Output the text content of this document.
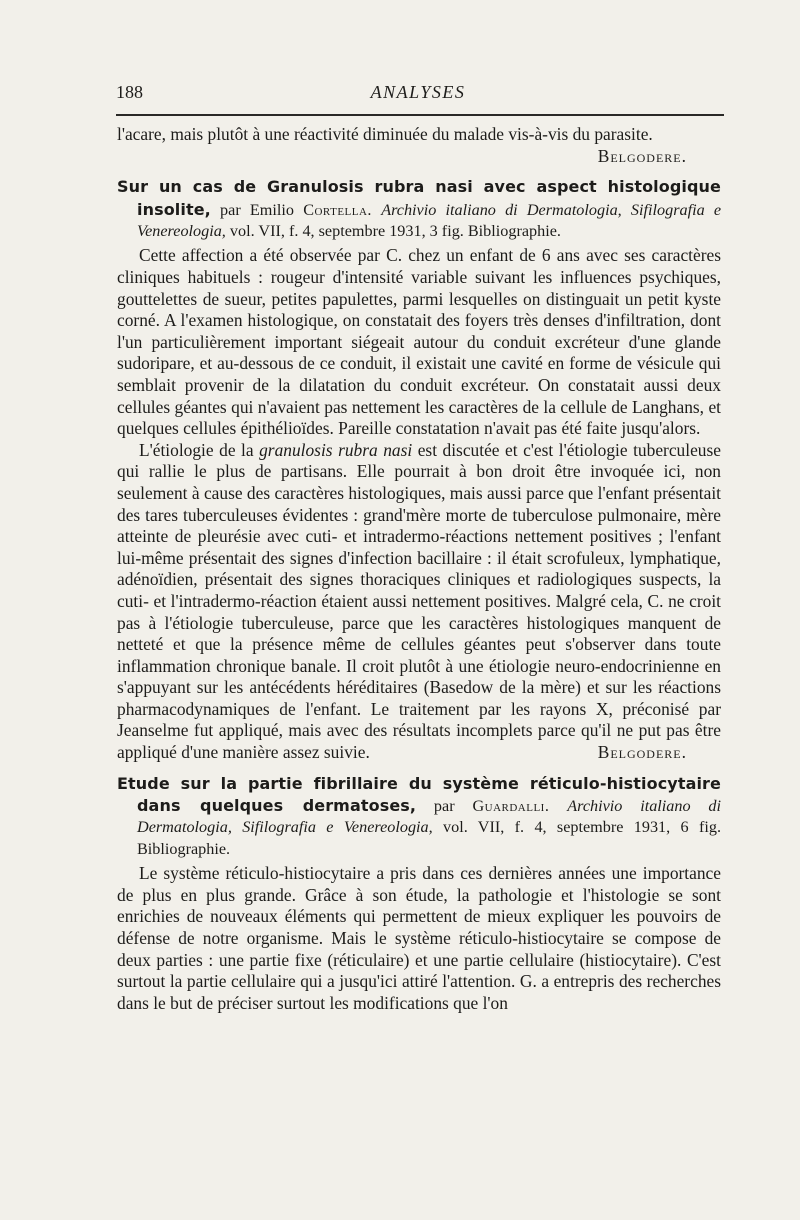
188	ANALYSES

l'acare, mais plutôt à une réactivité diminuée du malade vis-à-vis du parasite.
Belgodere.

Sur un cas de Granulosis rubra nasi avec aspect histologique insolite, par Emilio Cortella. Archivio italiano di Dermatologia, Sifilografia e Venereologia, vol. VII, f. 4, septembre 1931, 3 fig. Bibliographie.

Cette affection a été observée par C. chez un enfant de 6 ans avec ses caractères cliniques habituels : rougeur d'intensité variable suivant les influences psychiques, gouttelettes de sueur, petites papulettes, parmi lesquelles on distinguait un petit kyste corné. A l'examen histologique, on constatait des foyers très denses d'infiltration, dont l'un particulièrement important siégeait autour du conduit excréteur d'une glande sudoripare, et au-dessous de ce conduit, il existait une cavité en forme de vésicule qui semblait provenir de la dilatation du conduit excréteur. On constatait aussi deux cellules géantes qui n'avaient pas nettement les caractères de la cellule de Langhans, et quelques cellules épithélioïdes. Pareille constatation n'avait pas été faite jusqu'alors.

L'étiologie de la granulosis rubra nasi est discutée et c'est l'étiologie tuberculeuse qui rallie le plus de partisans. Elle pourrait à bon droit être invoquée ici, non seulement à cause des caractères histologiques, mais aussi parce que l'enfant présentait des tares tuberculeuses évidentes : grand'mère morte de tuberculose pulmonaire, mère atteinte de pleurésie avec cuti- et intradermo-réactions nettement positives ; l'enfant lui-même présentait des signes d'infection bacillaire : il était scrofuleux, lymphatique, adénoïdien, présentait des signes thoraciques cliniques et radiologiques suspects, la cuti- et l'intradermo-réaction étaient aussi nettement positives. Malgré cela, C. ne croit pas à l'étiologie tuberculeuse, parce que les caractères histologiques manquent de netteté et que la présence même de cellules géantes peut s'observer dans toute inflammation chronique banale. Il croit plutôt à une étiologie neuro-endocrinienne en s'appuyant sur les antécédents héréditaires (Basedow de la mère) et sur les réactions pharmacodynamiques de l'enfant. Le traitement par les rayons X, préconisé par Jeanselme fut appliqué, mais avec des résultats incomplets parce qu'il ne put pas être appliqué d'une manière assez suivie.	Belgodere.

Etude sur la partie fibrillaire du système réticulo-histiocytaire dans quelques dermatoses, par Guardalli. Archivio italiano di Dermatologia, Sifilografia e Venereologia, vol. VII, f. 4, septembre 1931, 6 fig. Bibliographie.

Le système réticulo-histiocytaire a pris dans ces dernières années une importance de plus en plus grande. Grâce à son étude, la pathologie et l'histologie se sont enrichies de nouveaux éléments qui permettent de mieux expliquer les pouvoirs de défense de notre organisme. Mais le système réticulo-histiocytaire se compose de deux parties : une partie fixe (réticulaire) et une partie cellulaire (histiocytaire). C'est surtout la partie cellulaire qui a jusqu'ici attiré l'attention. G. a entrepris des recherches dans le but de préciser surtout les modifications que l'on
